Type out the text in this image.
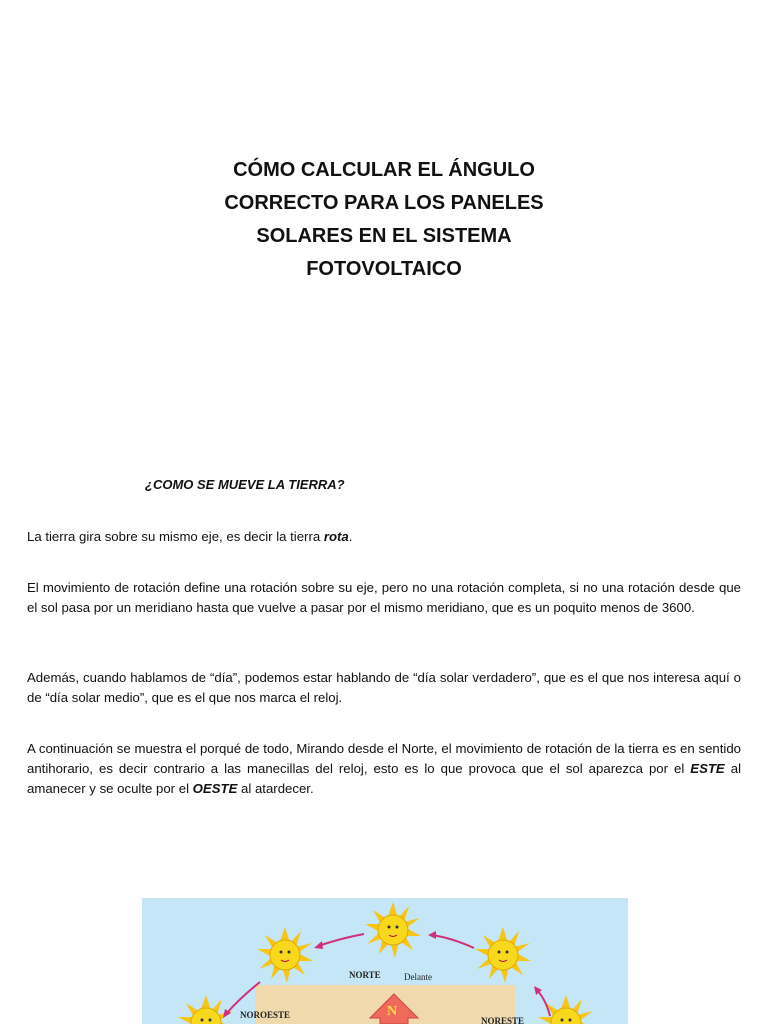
CÓMO CALCULAR EL ÁNGULO
CORRECTO PARA LOS PANELES
SOLARES EN EL SISTEMA
FOTOVOLTAICO
¿COMO SE MUEVE LA TIERRA?

La tierra gira sobre su mismo eje, es decir la tierra rota.

El movimiento de rotación define una rotación sobre su eje, pero no una rotación completa, si no una rotación desde que el sol pasa por un meridiano hasta que vuelve a pasar por el mismo meridiano, que es un poquito menos de 3600.

Además, cuando hablamos de “día”, podemos estar hablando de “día solar verdadero”, que es el que nos interesa aquí o de “día solar medio”, que es el que nos marca el reloj.

A continuación se muestra el porqué de todo, Mirando desde el Norte, el movimiento de rotación de la tierra es en sentido antihorario, es decir contrario a las manecillas del reloj, esto es lo que provoca que el sol aparezca por el ESTE al amanecer y se oculte por el OESTE al atardecer.

NORTE	Delante
NOROESTE
NORESTE
N
